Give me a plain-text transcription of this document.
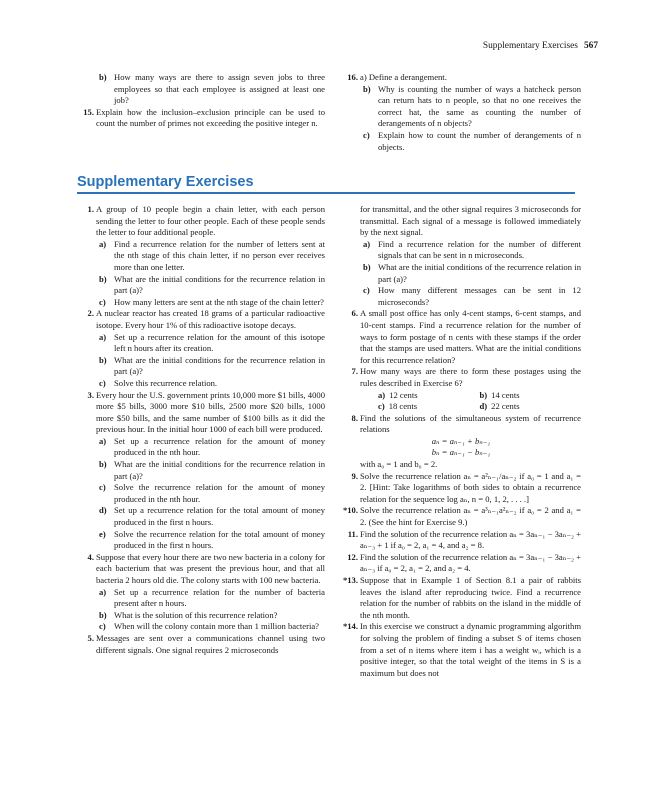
Supplementary Exercises 567

b) How many ways are there to assign seven jobs to three employees so that each employee is assigned at least one job?

15. Explain how the inclusion–exclusion principle can be used to count the number of primes not exceeding the positive integer n.

16. a) Define a derangement.

b) Why is counting the number of ways a hatcheck person can return hats to n people, so that no one receives the correct hat, the same as counting the number of derangements of n objects?

c) Explain how to count the number of derangements of n objects.

Supplementary Exercises

1. A group of 10 people begin a chain letter, with each person sending the letter to four other people. Each of these people sends the letter to four additional people.

a) Find a recurrence relation for the number of letters sent at the nth stage of this chain letter, if no person ever receives more than one letter.

b) What are the initial conditions for the recurrence relation in part (a)?

c) How many letters are sent at the nth stage of the chain letter?

2. A nuclear reactor has created 18 grams of a particular radioactive isotope. Every hour 1% of this radioactive isotope decays.

a) Set up a recurrence relation for the amount of this isotope left n hours after its creation.

b) What are the initial conditions for the recurrence relation in part (a)?

c) Solve this recurrence relation.

3. Every hour the U.S. government prints 10,000 more $1 bills, 4000 more $5 bills, 3000 more $10 bills, 2500 more $20 bills, 1000 more $50 bills, and the same number of $100 bills as it did the previous hour. In the initial hour 1000 of each bill were produced.

a) Set up a recurrence relation for the amount of money produced in the nth hour.

b) What are the initial conditions for the recurrence relation in part (a)?

c) Solve the recurrence relation for the amount of money produced in the nth hour.

d) Set up a recurrence relation for the total amount of money produced in the first n hours.

e) Solve the recurrence relation for the total amount of money produced in the first n hours.

4. Suppose that every hour there are two new bacteria in a colony for each bacterium that was present the previous hour, and that all bacteria 2 hours old die. The colony starts with 100 new bacteria.

a) Set up a recurrence relation for the number of bacteria present after n hours.

b) What is the solution of this recurrence relation?

c) When will the colony contain more than 1 million bacteria?

5. Messages are sent over a communications channel using two different signals. One signal requires 2 microseconds

for transmittal, and the other signal requires 3 microseconds for transmittal. Each signal of a message is followed immediately by the next signal.

a) Find a recurrence relation for the number of different signals that can be sent in n microseconds.

b) What are the initial conditions of the recurrence relation in part (a)?

c) How many different messages can be sent in 12 microseconds?

6. A small post office has only 4-cent stamps, 6-cent stamps, and 10-cent stamps. Find a recurrence relation for the number of ways to form postage of n cents with these stamps if the order that the stamps are used matters. What are the initial conditions for this recurrence relation?

7. How many ways are there to form these postages using the rules described in Exercise 6?

a) 12 cents	b) 14 cents
c) 18 cents	d) 22 cents

8. Find the solutions of the simultaneous system of recurrence relations

aₙ = aₙ₋₁ + bₙ₋₁

bₙ = aₙ₋₁ − bₙ₋₁

with a₀ = 1 and b₀ = 2.

9. Solve the recurrence relation aₙ = a²ₙ₋₁/aₙ₋₂ if a₀ = 1 and a₁ = 2. [Hint: Take logarithms of both sides to obtain a recurrence relation for the sequence log aₙ, n = 0, 1, 2, . . . .]

*10. Solve the recurrence relation aₙ = a³ₙ₋₁a²ₙ₋₂ if a₀ = 2 and a₁ = 2. (See the hint for Exercise 9.)

11. Find the solution of the recurrence relation aₙ = 3aₙ₋₁ − 3aₙ₋₂ + aₙ₋₃ + 1 if a₀ = 2, a₁ = 4, and a₂ = 8.

12. Find the solution of the recurrence relation aₙ = 3aₙ₋₁ − 3aₙ₋₂ + aₙ₋₃ if a₀ = 2, a₁ = 2, and a₂ = 4.

*13. Suppose that in Example 1 of Section 8.1 a pair of rabbits leaves the island after reproducing twice. Find a recurrence relation for the number of rabbits on the island in the middle of the nth month.

*14. In this exercise we construct a dynamic programming algorithm for solving the problem of finding a subset S of items chosen from a set of n items where item i has a weight wᵢ, which is a positive integer, so that the total weight of the items in S is a maximum but does not
